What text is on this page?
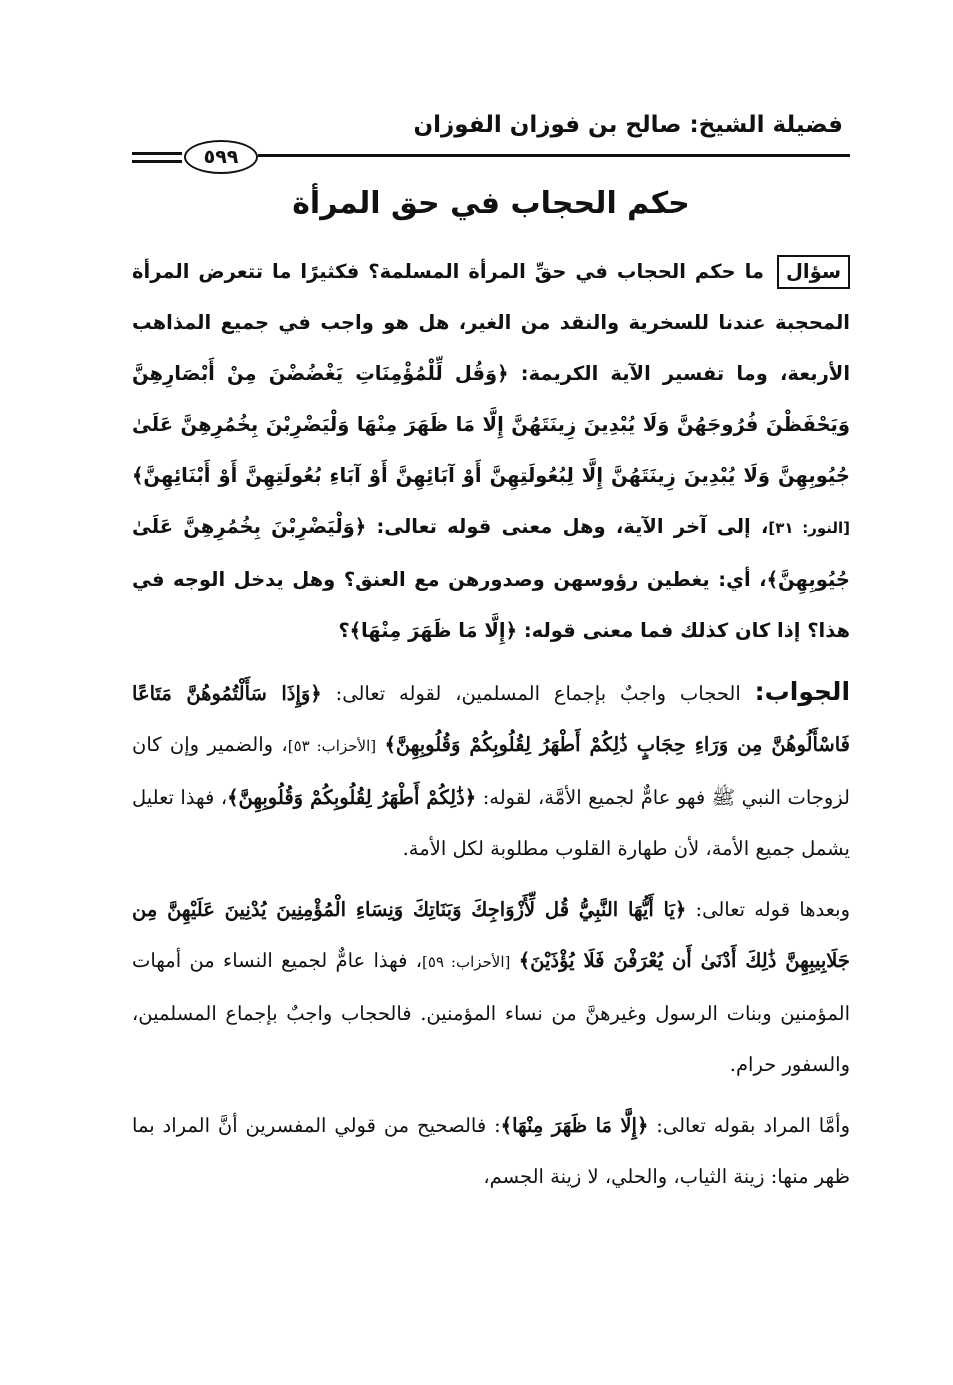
فضيلة الشيخ: صالح بن فوزان الفوزان
٥٩٩
حكم الحجاب في حق المرأة

سؤال ما حكم الحجاب في حقِّ المرأة المسلمة؟ فكثيرًا ما تتعرض المرأة المحجبة عندنا للسخرية والنقد من الغير، هل هو واجب في جميع المذاهب الأربعة، وما تفسير الآية الكريمة: ﴿وَقُل لِّلْمُؤْمِنَاتِ يَغْضُضْنَ مِنْ أَبْصَارِهِنَّ وَيَحْفَظْنَ فُرُوجَهُنَّ وَلَا يُبْدِينَ زِينَتَهُنَّ إِلَّا مَا ظَهَرَ مِنْهَا وَلْيَضْرِبْنَ بِخُمُرِهِنَّ عَلَىٰ جُيُوبِهِنَّ وَلَا يُبْدِينَ زِينَتَهُنَّ إِلَّا لِبُعُولَتِهِنَّ أَوْ آبَائِهِنَّ أَوْ آبَاءِ بُعُولَتِهِنَّ أَوْ أَبْنَائِهِنَّ﴾ [النور: ٣١]، إلى آخر الآية، وهل معنى قوله تعالى: ﴿وَلْيَضْرِبْنَ بِخُمُرِهِنَّ عَلَىٰ جُيُوبِهِنَّ﴾، أي: يغطين رؤوسهن وصدورهن مع العنق؟ وهل يدخل الوجه في هذا؟ إذا كان كذلك فما معنى قوله: ﴿إِلَّا مَا ظَهَرَ مِنْهَا﴾؟

الجواب: الحجاب واجبٌ بإجماع المسلمين، لقوله تعالى: ﴿وَإِذَا سَأَلْتُمُوهُنَّ مَتَاعًا فَاسْأَلُوهُنَّ مِن وَرَاءِ حِجَابٍ ذَٰلِكُمْ أَطْهَرُ لِقُلُوبِكُمْ وَقُلُوبِهِنَّ﴾ [الأحزاب: ٥٣]، والضمير وإن كان لزوجات النبي ﷺ فهو عامٌّ لجميع الأمَّة، لقوله: ﴿ذَٰلِكُمْ أَطْهَرُ لِقُلُوبِكُمْ وَقُلُوبِهِنَّ﴾، فهذا تعليل يشمل جميع الأمة، لأن طهارة القلوب مطلوبة لكل الأمة.

وبعدها قوله تعالى: ﴿يَا أَيُّهَا النَّبِيُّ قُل لِّأَزْوَاجِكَ وَبَنَاتِكَ وَنِسَاءِ الْمُؤْمِنِينَ يُدْنِينَ عَلَيْهِنَّ مِن جَلَابِيبِهِنَّ ذَٰلِكَ أَدْنَىٰ أَن يُعْرَفْنَ فَلَا يُؤْذَيْنَ﴾ [الأحزاب: ٥٩]، فهذا عامٌّ لجميع النساء من أمهات المؤمنين وبنات الرسول وغيرهنَّ من نساء المؤمنين. فالحجاب واجبٌ بإجماع المسلمين، والسفور حرام.

وأمَّا المراد بقوله تعالى: ﴿إِلَّا مَا ظَهَرَ مِنْهَا﴾: فالصحيح من قولي المفسرين أنَّ المراد بما ظهر منها: زينة الثياب، والحلي، لا زينة الجسم،
